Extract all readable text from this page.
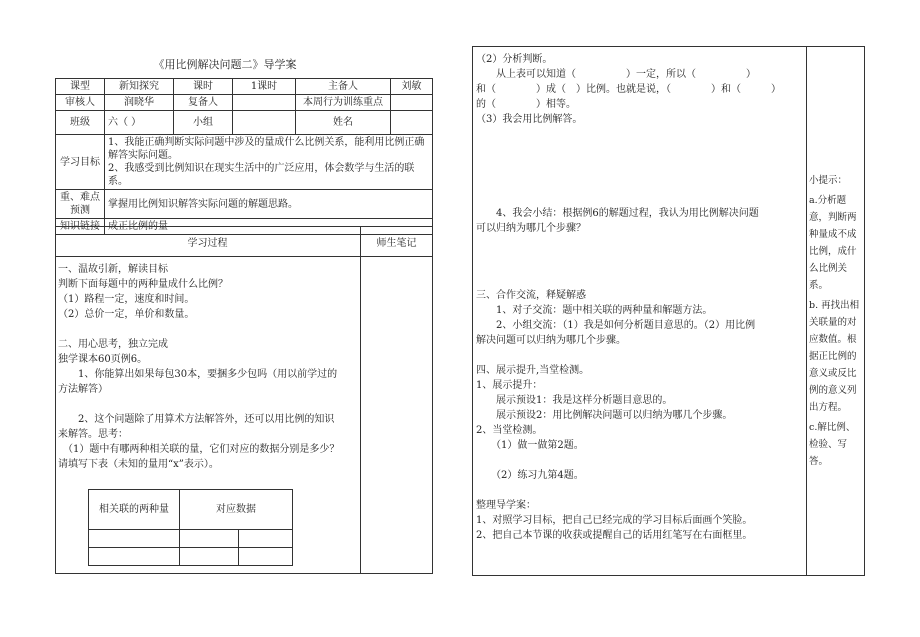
《用比例解决问题二》导学案
课型	新知探究	课时	1课时	主备人	刘敏
审核人	润晓华	复备人		本周行为训练重点	
班级	六（ ）	小组		姓名	
学习目标	1、我能正确判断实际问题中涉及的量成什么比例关系，能利用比例正确解答实际问题。
2、我感受到比例知识在现实生活中的广泛应用，体会数学与生活的联系。				

重、难点预测	掌握用比例知识解答实际问题的解题思路。				
知识链接	成正比例的量				
学习过程	师生笔记

一、温故引新，解读目标

判断下面每题中的两种量成什么比例？

（1）路程一定，速度和时间。

（2）总价一定，单价和数量。

二、用心思考，独立完成

独学课本60页例6。

　　1、你能算出如果每包30本，要捆多少包吗（用以前学过的

方法解答）

　　2、这个问题除了用算术方法解答外，还可以用比例的知识

来解答。思考：

　（1）题中有哪两种相关联的量，它们对应的数据分别是多少？

请填写下表（未知的量用“x”表示）。

相关联的两种量	对应数据	

（2）分析判断。

　　从上表可以知道（　　　　　）一定，所以（　　　　　）

和（　　　　）成（　）比例。也就是说，（　　　　）和（　　　）

的（　　　　）相等。

（3）我会用比例解答。

　　4、我会小结：根据例6的解题过程，我认为用比例解决问题

可以归纳为哪几个步骤？

三、合作交流，释疑解惑

　　1、对子交流：题中相关联的两种量和解题方法。

　　2、小组交流：（1）我是如何分析题目意思的。（2）用比例

解决问题可以归纳为哪几个步骤。

四、展示提升,当堂检测。

1、展示提升：

　　展示预设1：我是这样分析题目意思的。

　　展示预设2：用比例解决问题可以归纳为哪几个步骤。

2、当堂检测。

　　（1）做一做第2题。

　　（2）练习九第4题。

整理导学案：

1、对照学习目标，把自己已经完成的学习目标后面画个笑脸。

2、把自己本节课的收获或提醒自己的话用红笔写在右面框里。

小提示：
a.分析题意，判断两种量成不成比例，成什么比例关系。
b. 再找出相关联量的对应数值。根据正比例的意义或反比例的意义列出方程。
c.解比例、检验、写答。
